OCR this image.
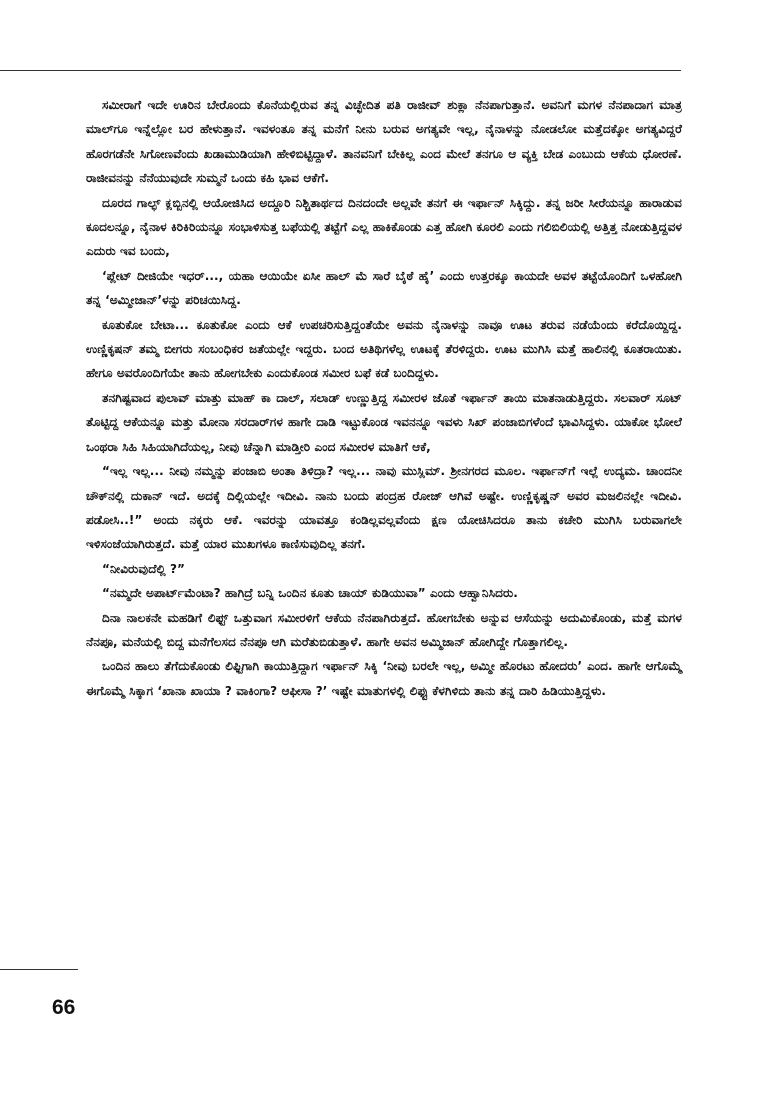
ಸಮೀರಾಗೆ ಇದೇ ಊರಿನ ಬೇರೊಂದು ಕೊನೆಯಲ್ಲಿರುವ ತನ್ನ ವಿಚ್ಛೇದಿತ ಪತಿ ರಾಜೀವ್ ಶುಕ್ಲಾ ನೆನಪಾಗುತ್ತಾನೆ. ಅವನಿಗೆ ಮಗಳ ನೆನಪಾದಾಗ ಮಾತ್ರ ಮಾಲ್‌ಗೂ ಇನ್ನೆಲ್ಲೋ ಬರ ಹೇಳುತ್ತಾನೆ. ಇವಳಂತೂ ತನ್ನ ಮನೆಗೆ ನೀನು ಬರುವ ಅಗತ್ಯವೇ ಇಲ್ಲ, ನೈನಾಳನ್ನು ನೋಡಲೋ ಮತ್ತೆದಕ್ಕೋ ಅಗತ್ಯವಿದ್ದರೆ ಹೊರಗಡೆನೇ ಸಿಗೋಣವೆಂದು ಖಡಾಮುಡಿಯಾಗಿ ಹೇಳಿಬಿಟ್ಟಿದ್ದಾಳೆ. ತಾನವನಿಗೆ ಬೇಕಿಲ್ಲ ಎಂದ ಮೇಲೆ ತನಗೂ ಆ ವ್ಯಕ್ತಿ ಬೇಡ ಎಂಬುದು ಆಕೆಯ ಧೋರಣೆ. ರಾಜೀವನನ್ನು ನೆನೆಯುವುದೇ ಸುಮ್ಮನೆ ಒಂದು ಕಹಿ ಭಾವ ಆಕೆಗೆ.

ದೂರದ ಗಾಲ್ಫ್ ಕ್ಲಬ್ಬಿನಲ್ಲಿ ಆಯೋಜಿಸಿದ ಅದ್ದೂರಿ ನಿಶ್ಚಿತಾರ್ಥದ ದಿನದಂದೇ ಅಲ್ಲವೇ ತನಗೆ ಈ ಇರ್ಫಾನ್ ಸಿಕ್ಕಿದ್ದು. ತನ್ನ ಜರೀ ಸೀರೆಯನ್ನೂ ಹಾರಾಡುವ ಕೂದಲನ್ನೂ, ನೈನಾಳ ಕಿರಿಕಿರಿಯನ್ನೂ ಸಂಭಾಳಿಸುತ್ತ ಬಫೆಯಲ್ಲಿ ತಟ್ಟೆಗೆ ಎಲ್ಲ ಹಾಕಿಕೊಂಡು ಎತ್ತ ಹೋಗಿ ಕೂರಲಿ ಎಂದು ಗಲಿಬಿಲಿಯಲ್ಲಿ ಅತ್ತಿತ್ತ ನೋಡುತ್ತಿದ್ದವಳ ಎದುರು ಇವ ಬಂದು,

‘ಪ್ಲೇಟ್ ದೀಜಿಯೇ ಇಧರ್..., ಯಹಾ ಆಯಿಯೇ ಏಸೀ ಹಾಲ್ ಮೆ ಸಾರೆ ಬೈಠೆ ಹೈ’ ಎಂದು ಉತ್ತರಕ್ಕೂ ಕಾಯದೇ ಅವಳ ತಟ್ಟೆಯೊಂದಿಗೆ ಒಳಹೋಗಿ ತನ್ನ ‘ಅಮ್ಮೀಜಾನ್’ಳನ್ನು ಪರಿಚಯಿಸಿದ್ದ.

ಕೂತುಕೋ ಬೇಟಾ... ಕೂತುಕೋ ಎಂದು ಆಕೆ ಉಪಚರಿಸುತ್ತಿದ್ದಂತೆಯೇ ಅವನು ನೈನಾಳನ್ನು ನಾವೂ ಊಟ ತರುವ ನಡೆಯೆಂದು ಕರೆದೊಯ್ದಿದ್ದ. ಉಣ್ಣಿಕೃಷನ್ ತಮ್ಮ ಬೀಗರು ಸಂಬಂಧಿಕರ ಜತೆಯಲ್ಲೇ ಇದ್ದರು. ಬಂದ ಅತಿಥಿಗಳೆಲ್ಲ ಊಟಕ್ಕೆ ತೆರಳಿದ್ದರು. ಊಟ ಮುಗಿಸಿ ಮತ್ತೆ ಹಾಲಿನಲ್ಲಿ ಕೂತರಾಯಿತು. ಹೇಗೂ ಅವರೊಂದಿಗೆಯೇ ತಾನು ಹೋಗಬೇಕು ಎಂದುಕೊಂಡ ಸಮೀರ ಬಫೆ ಕಡೆ ಬಂದಿದ್ದಳು.

ತನಗಿಷ್ಟವಾದ ಪುಲಾವ್ ಮಾತ್ತು ಮಾಹ್ ಕಾ ದಾಲ್, ಸಲಾಡ್ ಉಣ್ಣುತ್ತಿದ್ದ ಸಮೀರಳ ಜೊತೆ ಇರ್ಫಾನ್ ತಾಯಿ ಮಾತನಾಡುತ್ತಿದ್ದರು. ಸಲವಾರ್ ಸೂಟ್ ತೊಟ್ಟಿದ್ದ ಆಕೆಯನ್ನೂ ಮತ್ತು ಮೋನಾ ಸರದಾರ್‌ಗಳ ಹಾಗೇ ದಾಡಿ ಇಟ್ಟುಕೊಂಡ ಇವನನ್ನೂ ಇವಳು ಸಿಖ್ ಪಂಜಾಬಿಗಳೆಂದೆ ಭಾವಿಸಿದ್ದಳು. ಯಾಕೋ ಭೋಲೆ ಒಂಥರಾ ಸಿಹಿ ಸಿಹಿಯಾಗಿದೆಯಲ್ಲ, ನೀವು ಚೆನ್ನಾಗಿ ಮಾಡ್ತೀರಿ ಎಂದ ಸಮೀರಳ ಮಾತಿಗೆ ಆಕೆ,

“ಇಲ್ಲ ಇಲ್ಲ... ನೀವು ನಮ್ಮನ್ನು ಪಂಜಾಬಿ ಅಂತಾ ತಿಳಿದ್ರಾ? ಇಲ್ಲ... ನಾವು ಮುಸ್ಲಿಮ್. ಶ್ರೀನಗರದ ಮೂಲ. ಇರ್ಫಾನ್‌ಗೆ ಇಲ್ಲೆ ಉದ್ಯಮ. ಚಾಂದನೀ ಚೌಕ್‌ನಲ್ಲಿ ದುಕಾನ್ ಇದೆ. ಅದಕ್ಕೆ ದಿಲ್ಲಿಯಲ್ಲೇ ಇದೀವಿ. ನಾನು ಬಂದು ಪಂದ್ರಹ ರೋಜ್ ಆಗಿವೆ ಅಷ್ಟೇ. ಉಣ್ಣಿಕೃಷ್ಣನ್ ಅವರ ಮಜಲಿನಲ್ಲೇ ಇದೀವಿ. ಪಡೋಸಿ..!” ಅಂದು ನಕ್ಕರು ಆಕೆ. ಇವರನ್ನು ಯಾವತ್ತೂ ಕಂಡಿಲ್ಲವಲ್ಲವೆಂದು ಕ್ಷಣ ಯೋಚಿಸಿದರೂ ತಾನು ಕಚೇರಿ ಮುಗಿಸಿ ಬರುವಾಗಲೇ ಇಳಿಸಂಜೆಯಾಗಿರುತ್ತದೆ. ಮತ್ತೆ ಯಾರ ಮುಖಗಳೂ ಕಾಣಿಸುವುದಿಲ್ಲ ತನಗೆ.

“ನೀವಿರುವುದೆಲ್ಲಿ ?”

“ನಮ್ಮದೇ ಅಪಾರ್ಟ್‌ಮೆಂಟಾ? ಹಾಗಿದ್ರೆ ಬನ್ನಿ ಒಂದಿನ ಕೂತು ಚಾಯ್ ಕುಡಿಯುವಾ” ಎಂದು ಆಹ್ವಾನಿಸಿದರು.

ದಿನಾ ನಾಲಕನೇ ಮಹಡಿಗೆ ಲಿಫ್ಟ್ ಒತ್ತುವಾಗ ಸಮೀರಳಿಗೆ ಆಕೆಯ ನೆನಪಾಗಿರುತ್ತದೆ. ಹೋಗಬೇಕು ಅನ್ನುವ ಆಸೆಯನ್ನು ಅದುಮಿಕೊಂಡು, ಮತ್ತೆ ಮಗಳ ನೆನಪೂ, ಮನೆಯಲ್ಲಿ ಬಿದ್ದ ಮನೆಗೆಲಸದ ನೆನಪೂ ಆಗಿ ಮರೆತುಬಿಡುತ್ತಾಳೆ. ಹಾಗೇ ಅವನ ಅಮ್ಮಿಜಾನ್ ಹೋಗಿದ್ದೇ ಗೊತ್ತಾಗಲಿಲ್ಲ.

ಒಂದಿನ ಹಾಲು ತೆಗೆದುಕೊಂಡು ಲಿಫ್ಟಿಗಾಗಿ ಕಾಯುತ್ತಿದ್ದಾಗ ಇರ್ಫಾನ್ ಸಿಕ್ಕಿ ‘ನೀವು ಬರಲೇ ಇಲ್ಲ, ಅಮ್ಮೀ ಹೊರಟು ಹೋದರು’ ಎಂದ. ಹಾಗೇ ಆಗೊಮ್ಮೆ ಈಗೊಮ್ಮೆ ಸಿಕ್ಕಾಗ ‘ಖಾನಾ ಖಾಯಾ ? ವಾಕಿಂಗಾ? ಆಫೀಸಾ ?’ ಇಷ್ಟೇ ಮಾತುಗಳಲ್ಲಿ ಲಿಫ್ಟು ಕೆಳಗಿಳಿದು ತಾನು ತನ್ನ ದಾರಿ ಹಿಡಿಯುತ್ತಿದ್ದಳು.

66
